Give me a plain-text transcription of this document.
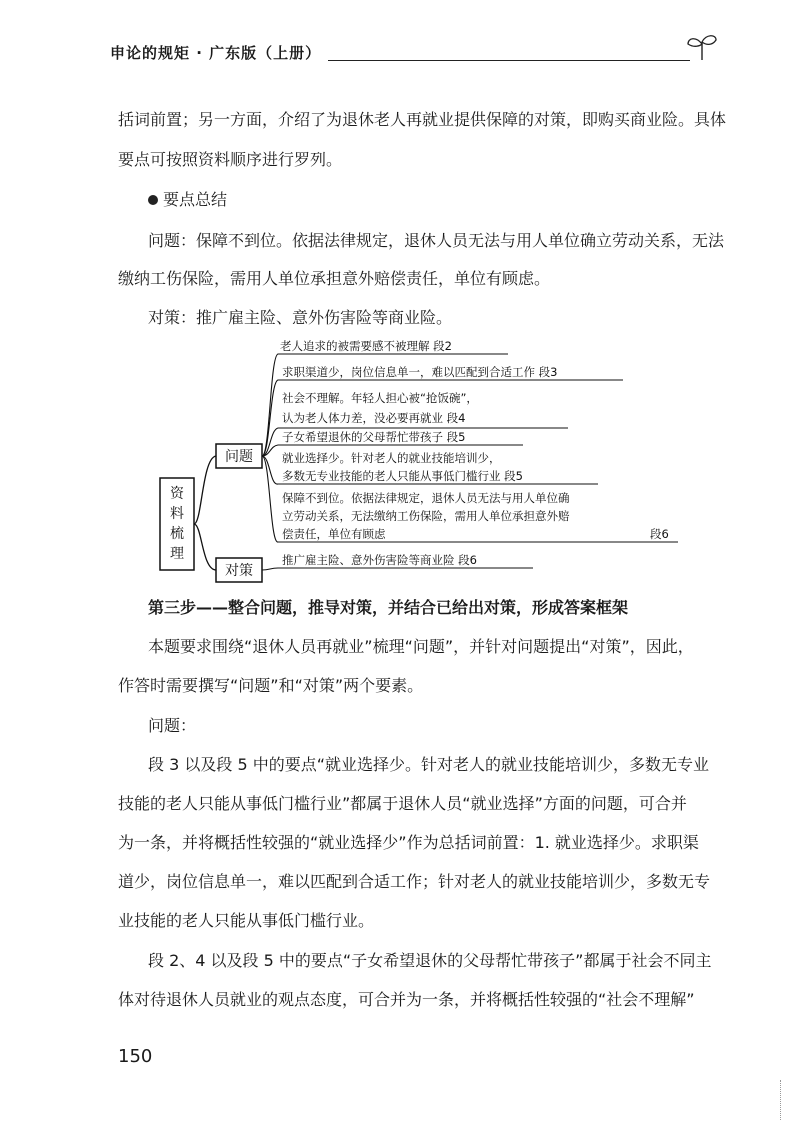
申论的规矩 · 广东版（上册）
括词前置；另一方面，介绍了为退休老人再就业提供保障的对策，即购买商业险。具体
要点可按照资料顺序进行罗列。
要点总结
问题：保障不到位。依据法律规定，退休人员无法与用人单位确立劳动关系，无法
缴纳工伤保险，需用人单位承担意外赔偿责任，单位有顾虑。
对策：推广雇主险、意外伤害险等商业险。
资
料
梳
理
问题
对策
老人追求的被需要感不被理解 段2
求职渠道少，岗位信息单一，难以匹配到合适工作 段3
社会不理解。年轻人担心被“抢饭碗”，
认为老人体力差，没必要再就业 段4
子女希望退休的父母帮忙带孩子 段5
就业选择少。针对老人的就业技能培训少，
多数无专业技能的老人只能从事低门槛行业 段5
保障不到位。依据法律规定，退休人员无法与用人单位确
立劳动关系，无法缴纳工伤保险，需用人单位承担意外赔
偿责任，单位有顾虑	段6
推广雇主险、意外伤害险等商业险 段6
第三步——整合问题，推导对策，并结合已给出对策，形成答案框架
本题要求围绕“退休人员再就业”梳理“问题”，并针对问题提出“对策”，因此，
作答时需要撰写“问题”和“对策”两个要素。
问题：
段 3 以及段 5 中的要点“就业选择少。针对老人的就业技能培训少，多数无专业
技能的老人只能从事低门槛行业”都属于退休人员“就业选择”方面的问题，可合并
为一条，并将概括性较强的“就业选择少”作为总括词前置：1. 就业选择少。求职渠
道少，岗位信息单一，难以匹配到合适工作；针对老人的就业技能培训少，多数无专
业技能的老人只能从事低门槛行业。
段 2、4 以及段 5 中的要点“子女希望退休的父母帮忙带孩子”都属于社会不同主
体对待退休人员就业的观点态度，可合并为一条，并将概括性较强的“社会不理解”
150
